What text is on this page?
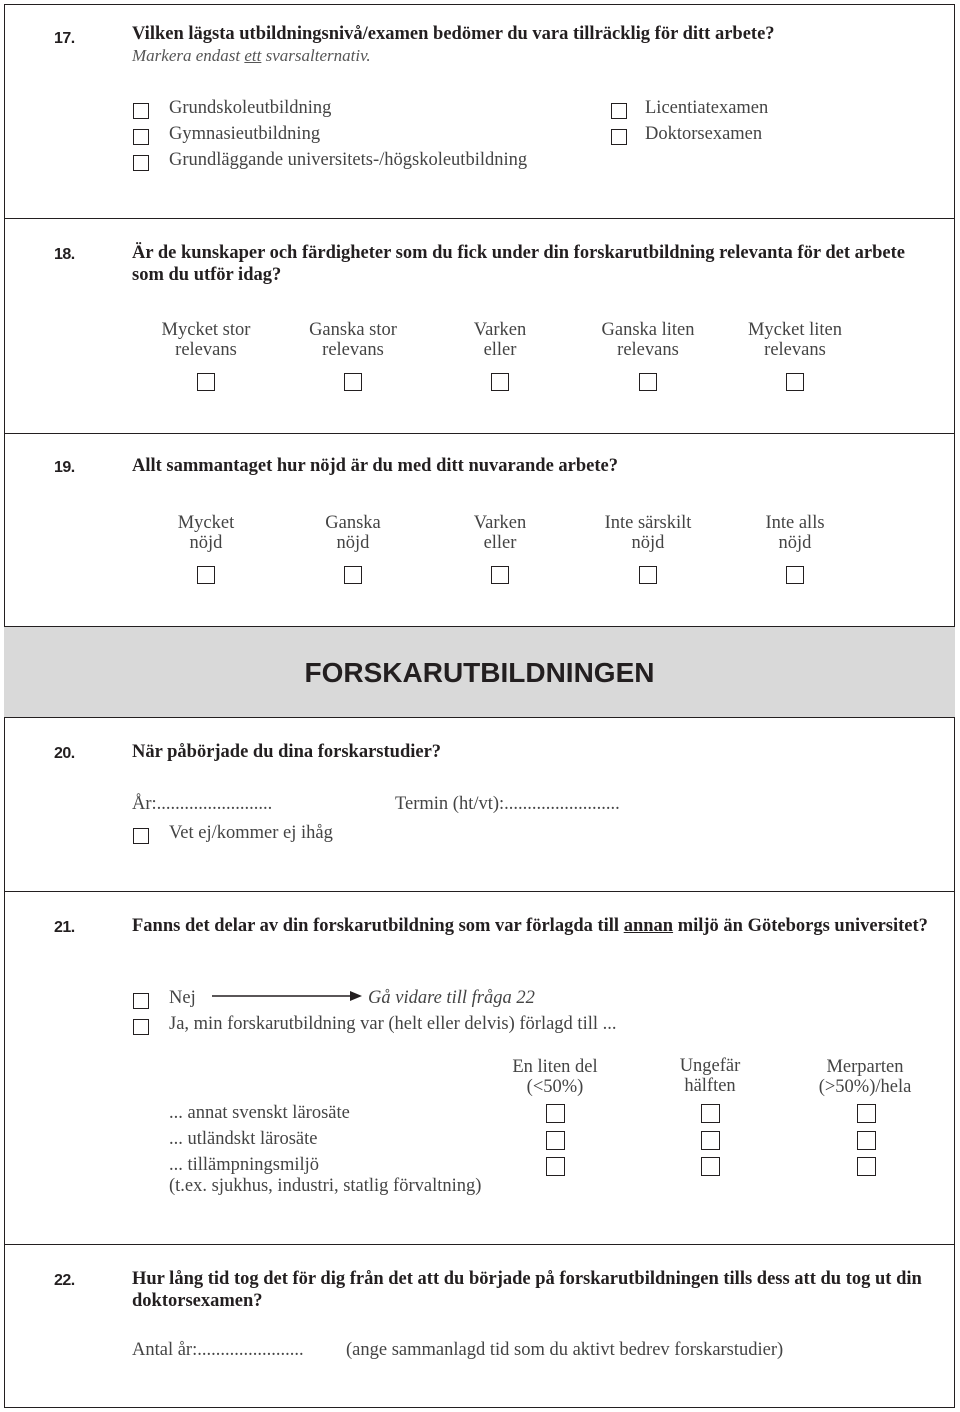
17.	Vilken lägsta utbildningsnivå/examen bedömer du vara tillräcklig för ditt arbete?
Markera endast ett svarsalternativ.
Grundskoleutbildning
Gymnasieutbildning
Grundläggande universitets-/högskoleutbildning
Licentiatexamen
Doktorsexamen
18.	Är de kunskaper och färdigheter som du fick under din forskarutbildning relevanta för det arbete som du utför idag?
Mycket stor
relevans
Ganska stor
relevans
Varken
eller
Ganska liten
relevans
Mycket liten
relevans
19.	Allt sammantaget hur nöjd är du med ditt nuvarande arbete?
Mycket
nöjd
Ganska
nöjd
Varken
eller
Inte särskilt
nöjd
Inte alls
nöjd
FORSKARUTBILDNINGEN
20.	När påbörjade du dina forskarstudier?
År:.........................	Termin (ht/vt):.........................
Vet ej/kommer ej ihåg
21.	Fanns det delar av din forskarutbildning som var förlagda till annan miljö än Göteborgs universitet?
Nej	Gå vidare till fråga 22
Ja, min forskarutbildning var (helt eller delvis) förlagd till ...
En liten del
(<50%)
Ungefär
hälften
Merparten
(>50%)/hela
... annat svenskt lärosäte
... utländskt lärosäte
... tillämpningsmiljö
(t.ex. sjukhus, industri, statlig förvaltning)
22.	Hur lång tid tog det för dig från det att du började på forskarutbildningen tills dess att du tog ut din doktorsexamen?
Antal år:....................... (ange sammanlagd tid som du aktivt bedrev forskarstudier)
